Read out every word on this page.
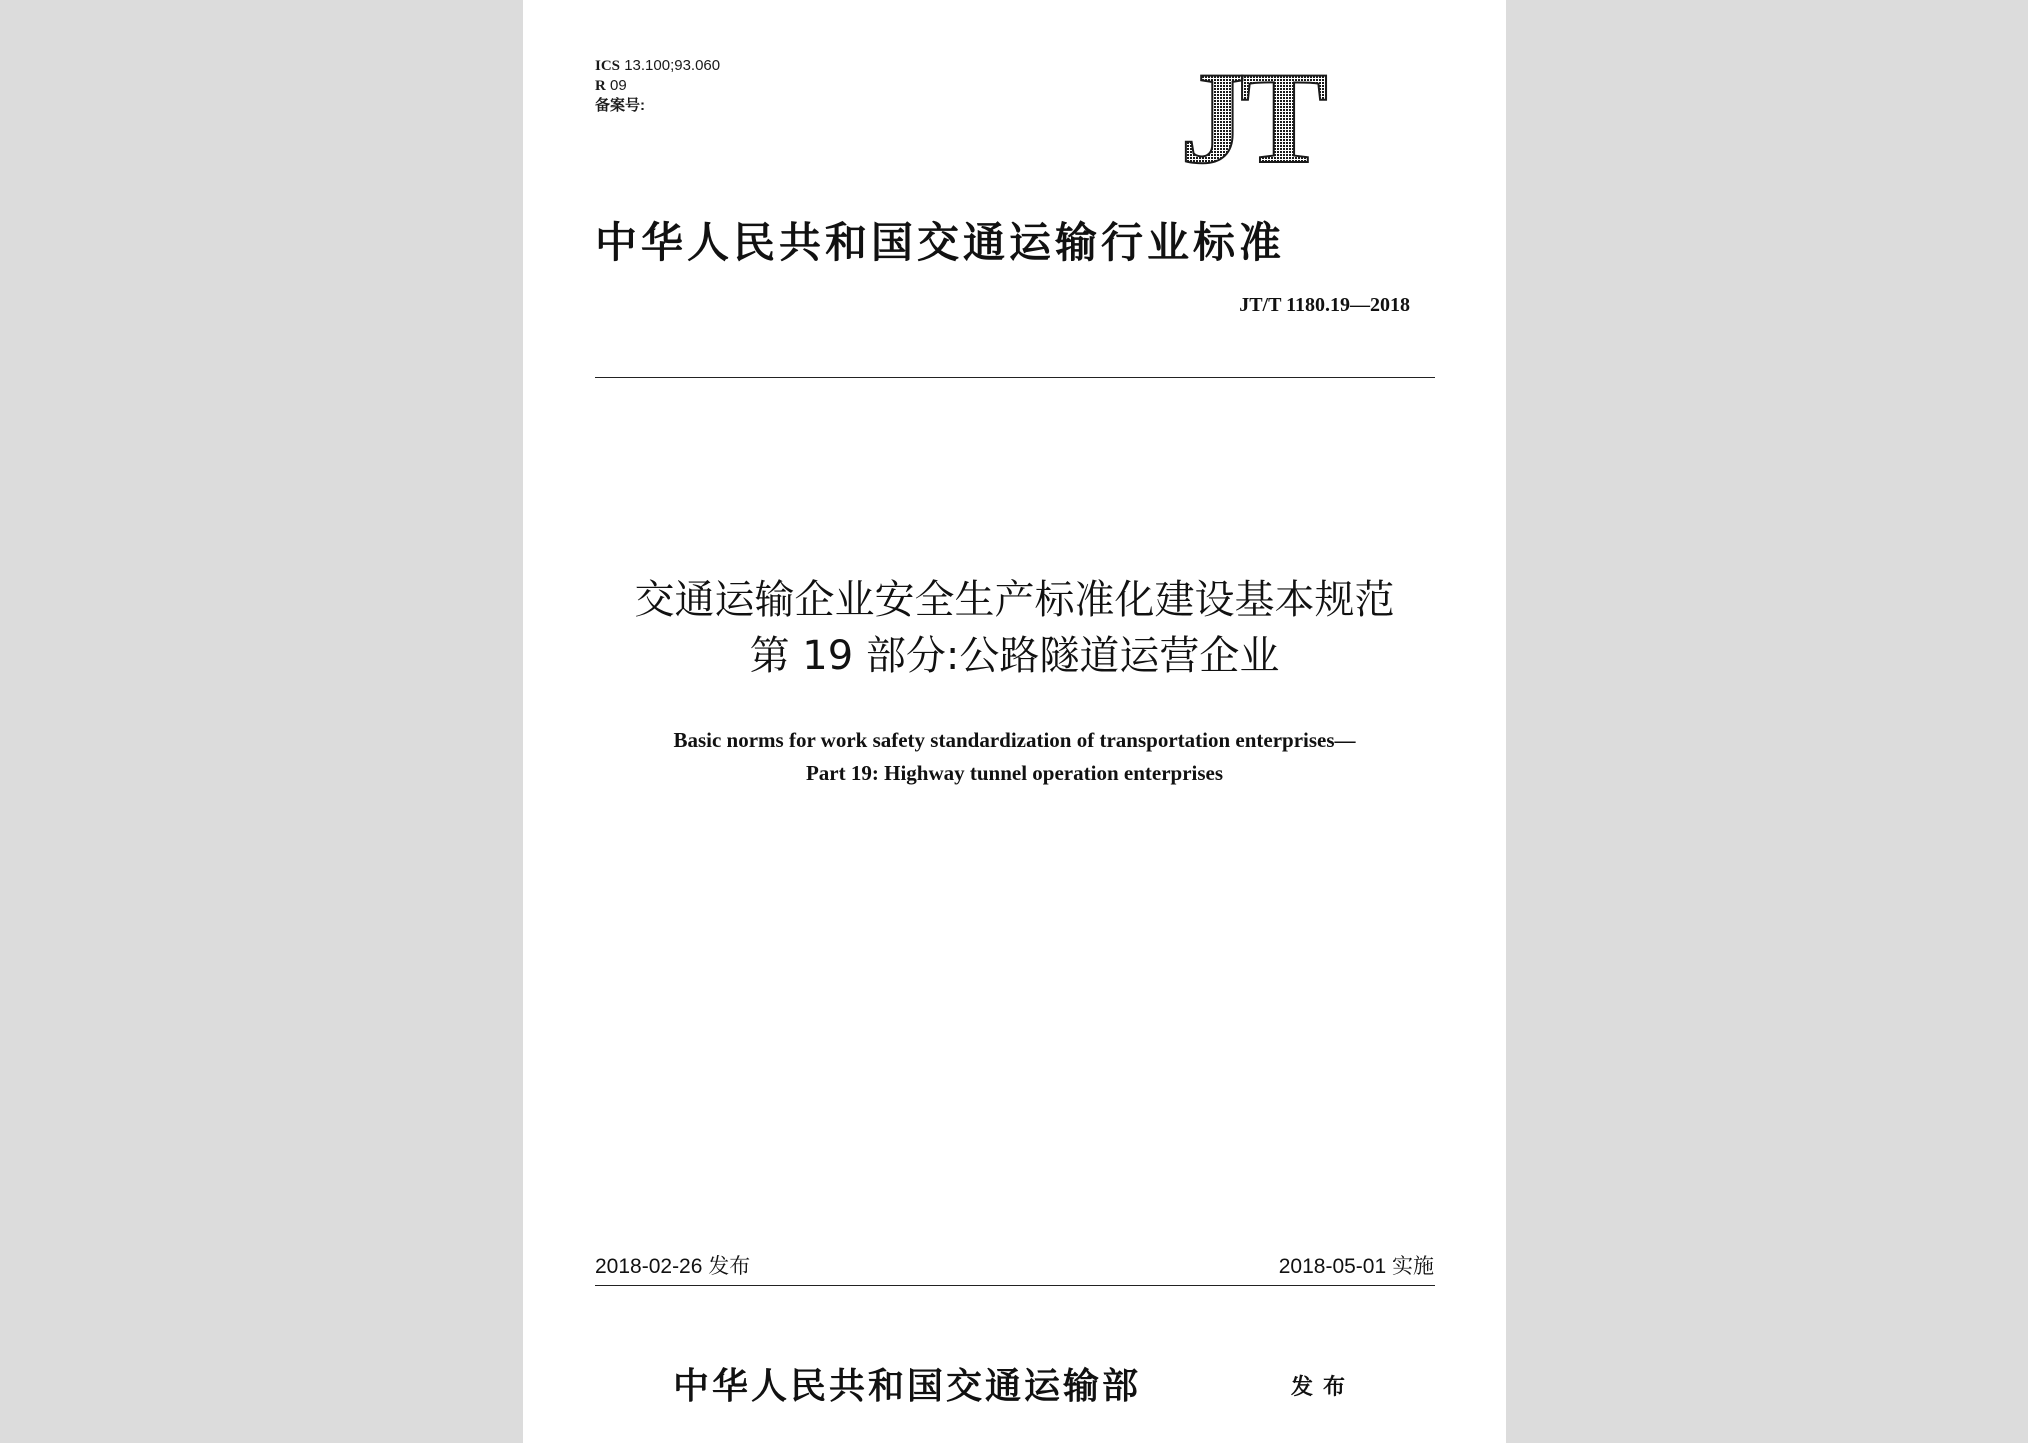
ICS 13.100;93.060
R 09
备案号:	JT
中华人民共和国交通运输行业标准
JT/T 1180.19—2018
交通运输企业安全生产标准化建设基本规范
第 19 部分:公路隧道运营企业
Basic norms for work safety standardization of transportation enterprises—
Part 19: Highway tunnel operation enterprises
2018-02-26 发布	2018-05-01 实施
中华人民共和国交通运输部	发布
